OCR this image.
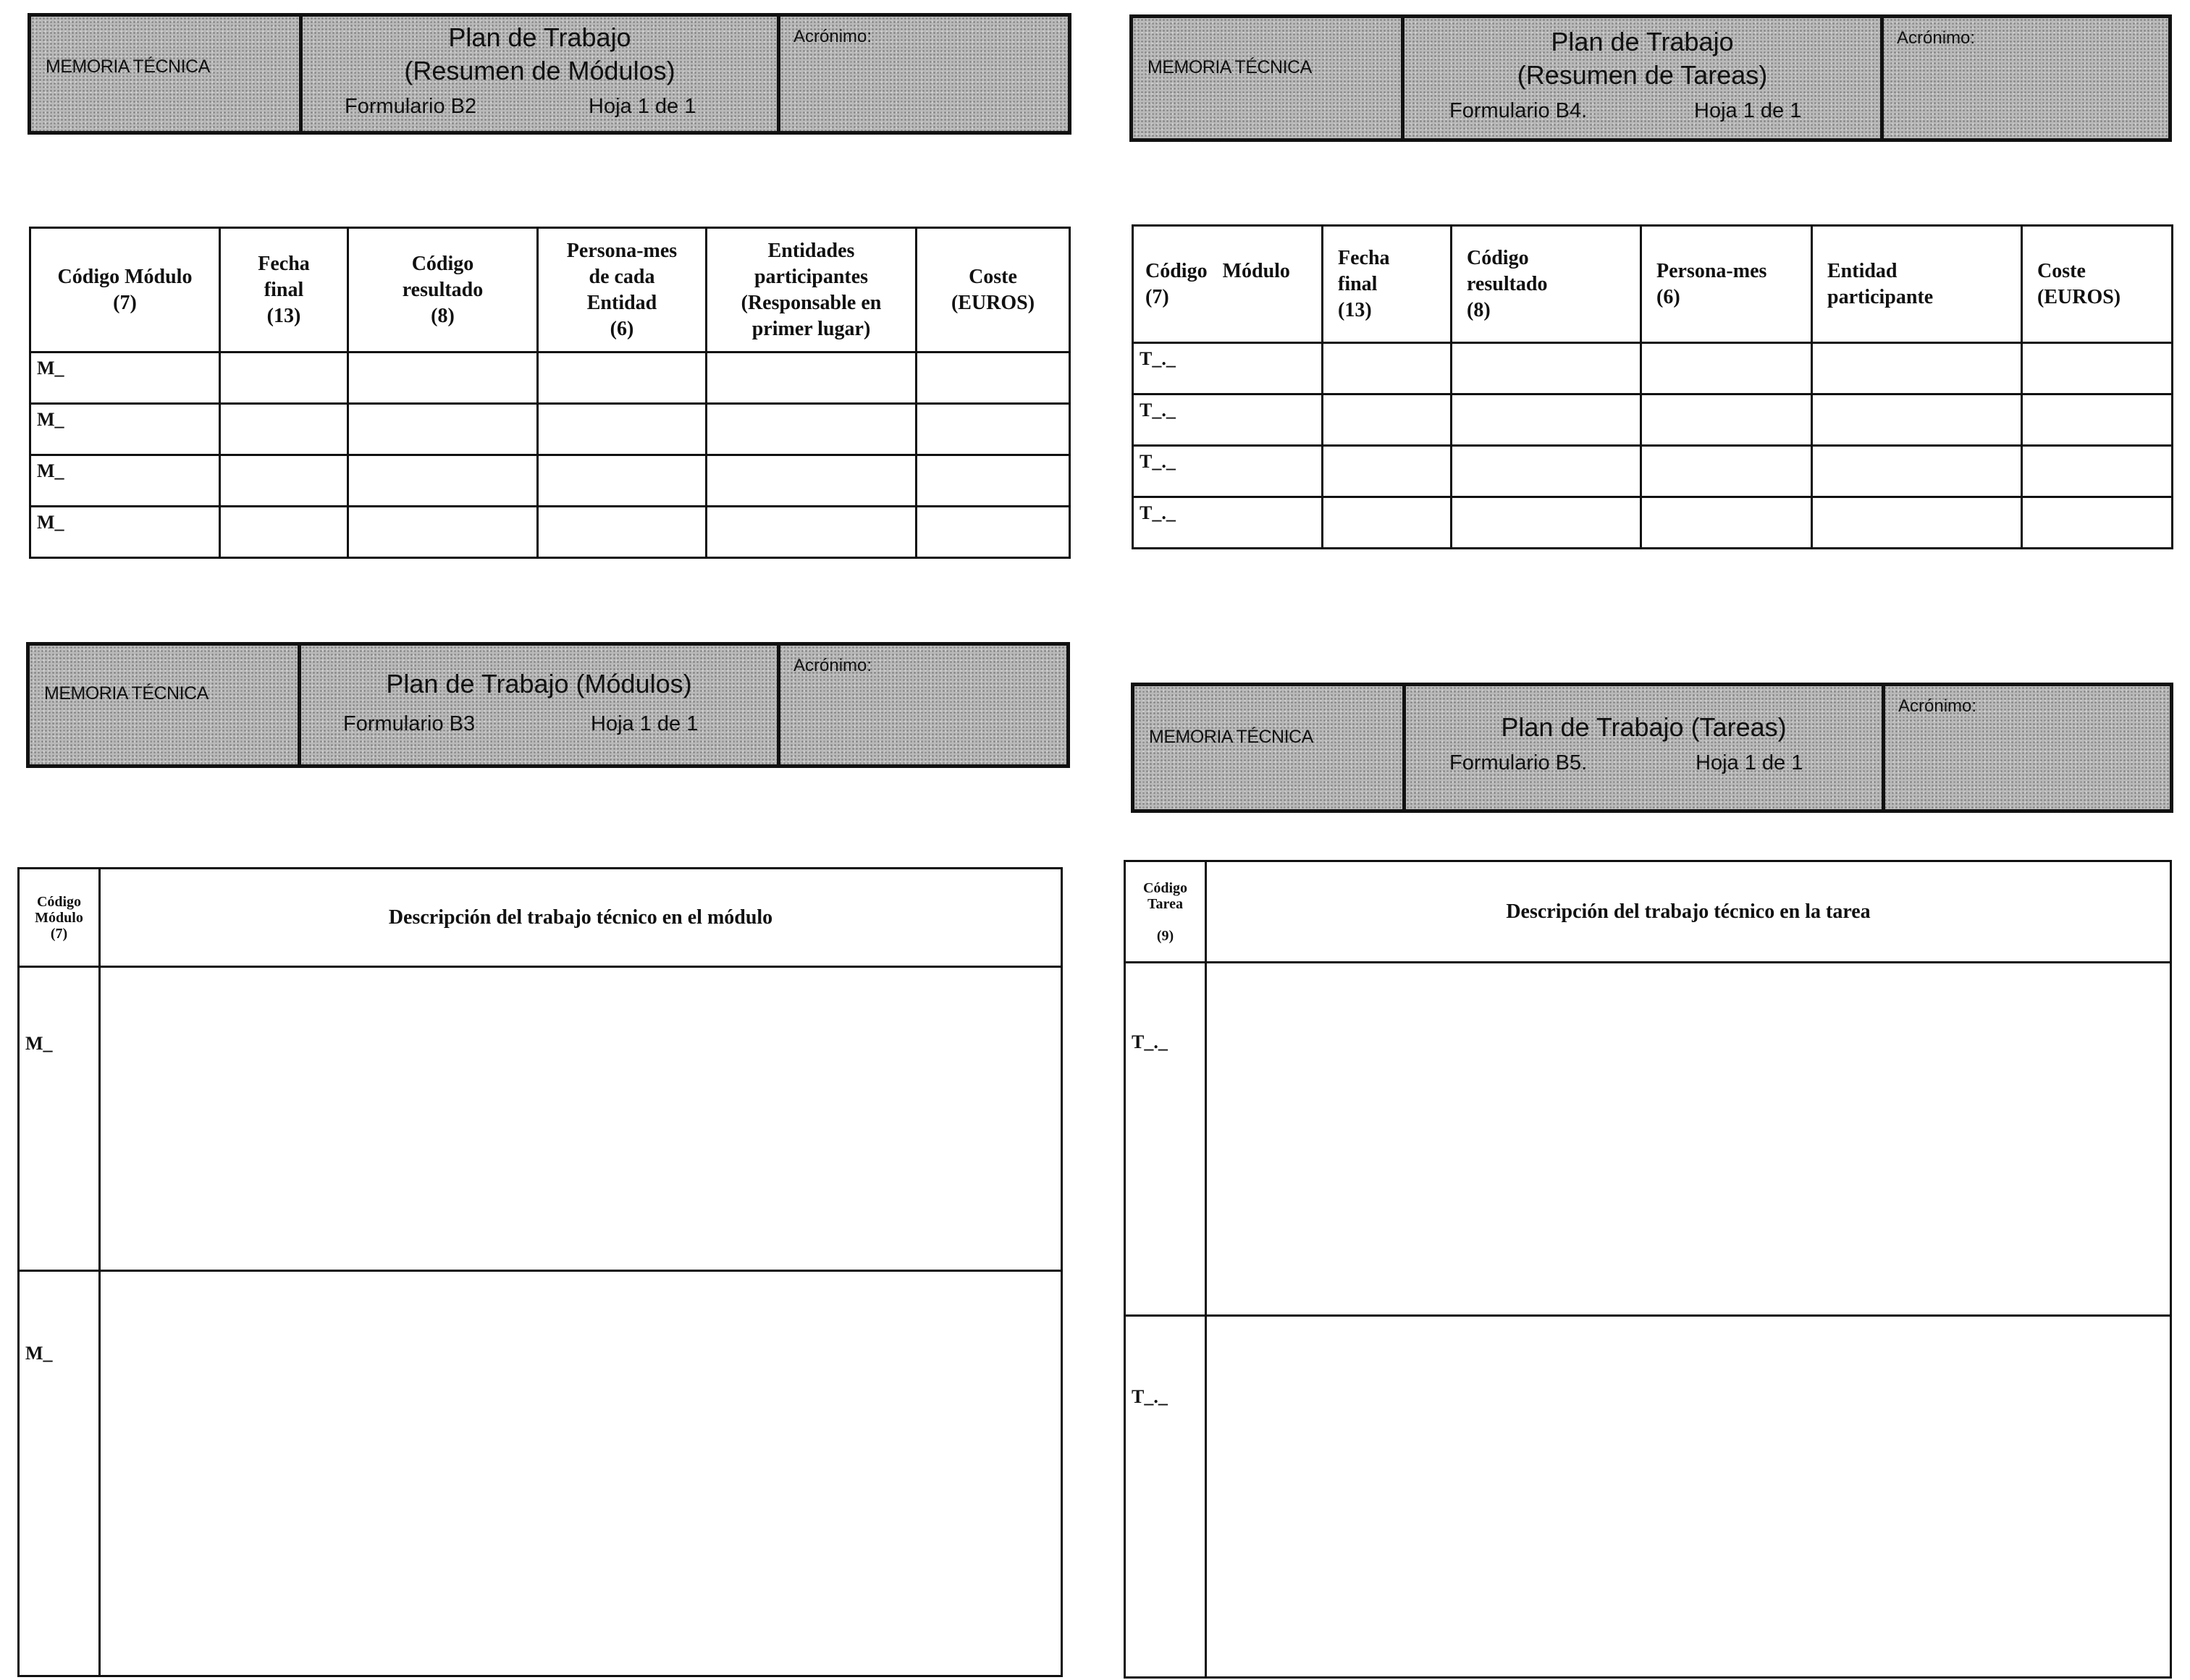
MEMORIA TÉCNICA
Plan de Trabajo
(Resumen de Módulos)
Formulario B2	Hoja 1 de 1
Acrónimo:
Código Módulo
(7)	Fecha
final
(13)	Código
resultado
(8)	Persona-mes
de cada
Entidad
(6)	Entidades
participantes
(Responsable en
primer lugar)	Coste
(EUROS)
M_					
M_					
M_					
M_					
MEMORIA TÉCNICA	Plan de Trabajo (Módulos)
Formulario B3	Hoja 1 de 1
Acrónimo:
Código
Módulo
(7)	Descripción del trabajo técnico en el módulo
M_	
M_	
MEMORIA TÉCNICA
Plan de Trabajo
(Resumen de Tareas)
Formulario B4.	Hoja 1 de 1
Acrónimo:
Código   Módulo
(7)	Fecha
final
(13)	Código
resultado
(8)	Persona-mes
(6)	Entidad
participante	Coste
(EUROS)
T_._					
T_._					
T_._					
T_._					
MEMORIA TÉCNICA	Plan de Trabajo (Tareas)
Formulario B5.	Hoja 1 de 1
Acrónimo:
Código
Tarea

(9)	Descripción del trabajo técnico en la tarea
T_._	
T_._	
